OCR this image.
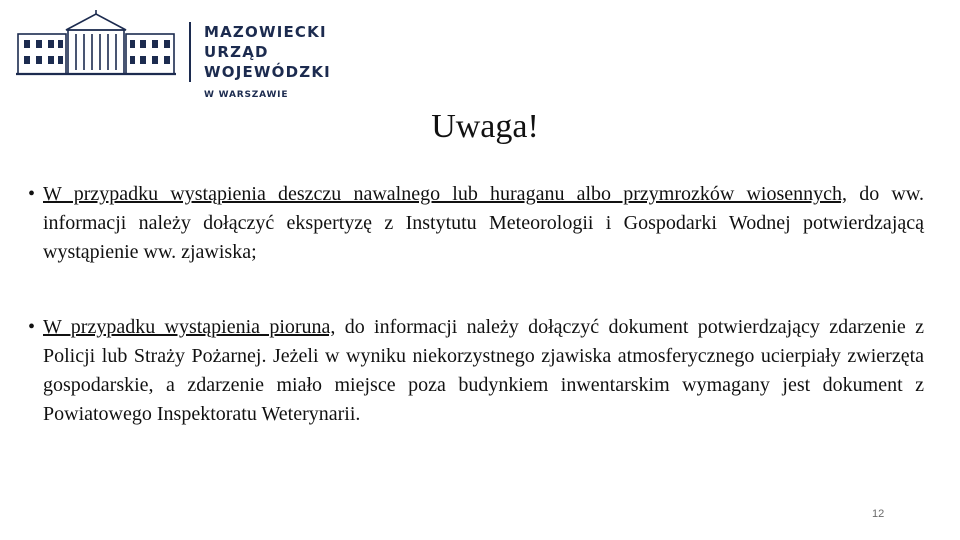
MAZOWIECKI
URZĄD WOJEWÓDZKI
W WARSZAWIE
Uwaga!
• W przypadku wystąpienia deszczu nawalnego lub huraganu albo przymrozków wiosennych, do ww. informacji należy dołączyć ekspertyzę z Instytutu Meteorologii i Gospodarki Wodnej potwierdzającą wystąpienie ww. zjawiska;
• W przypadku wystąpienia pioruna, do informacji należy dołączyć dokument potwierdzający zdarzenie z Policji lub Straży Pożarnej. Jeżeli w wyniku niekorzystnego zjawiska atmosferycznego ucierpiały zwierzęta gospodarskie, a zdarzenie miało miejsce poza budynkiem inwentarskim wymagany jest dokument z Powiatowego Inspektoratu Weterynarii.
12
